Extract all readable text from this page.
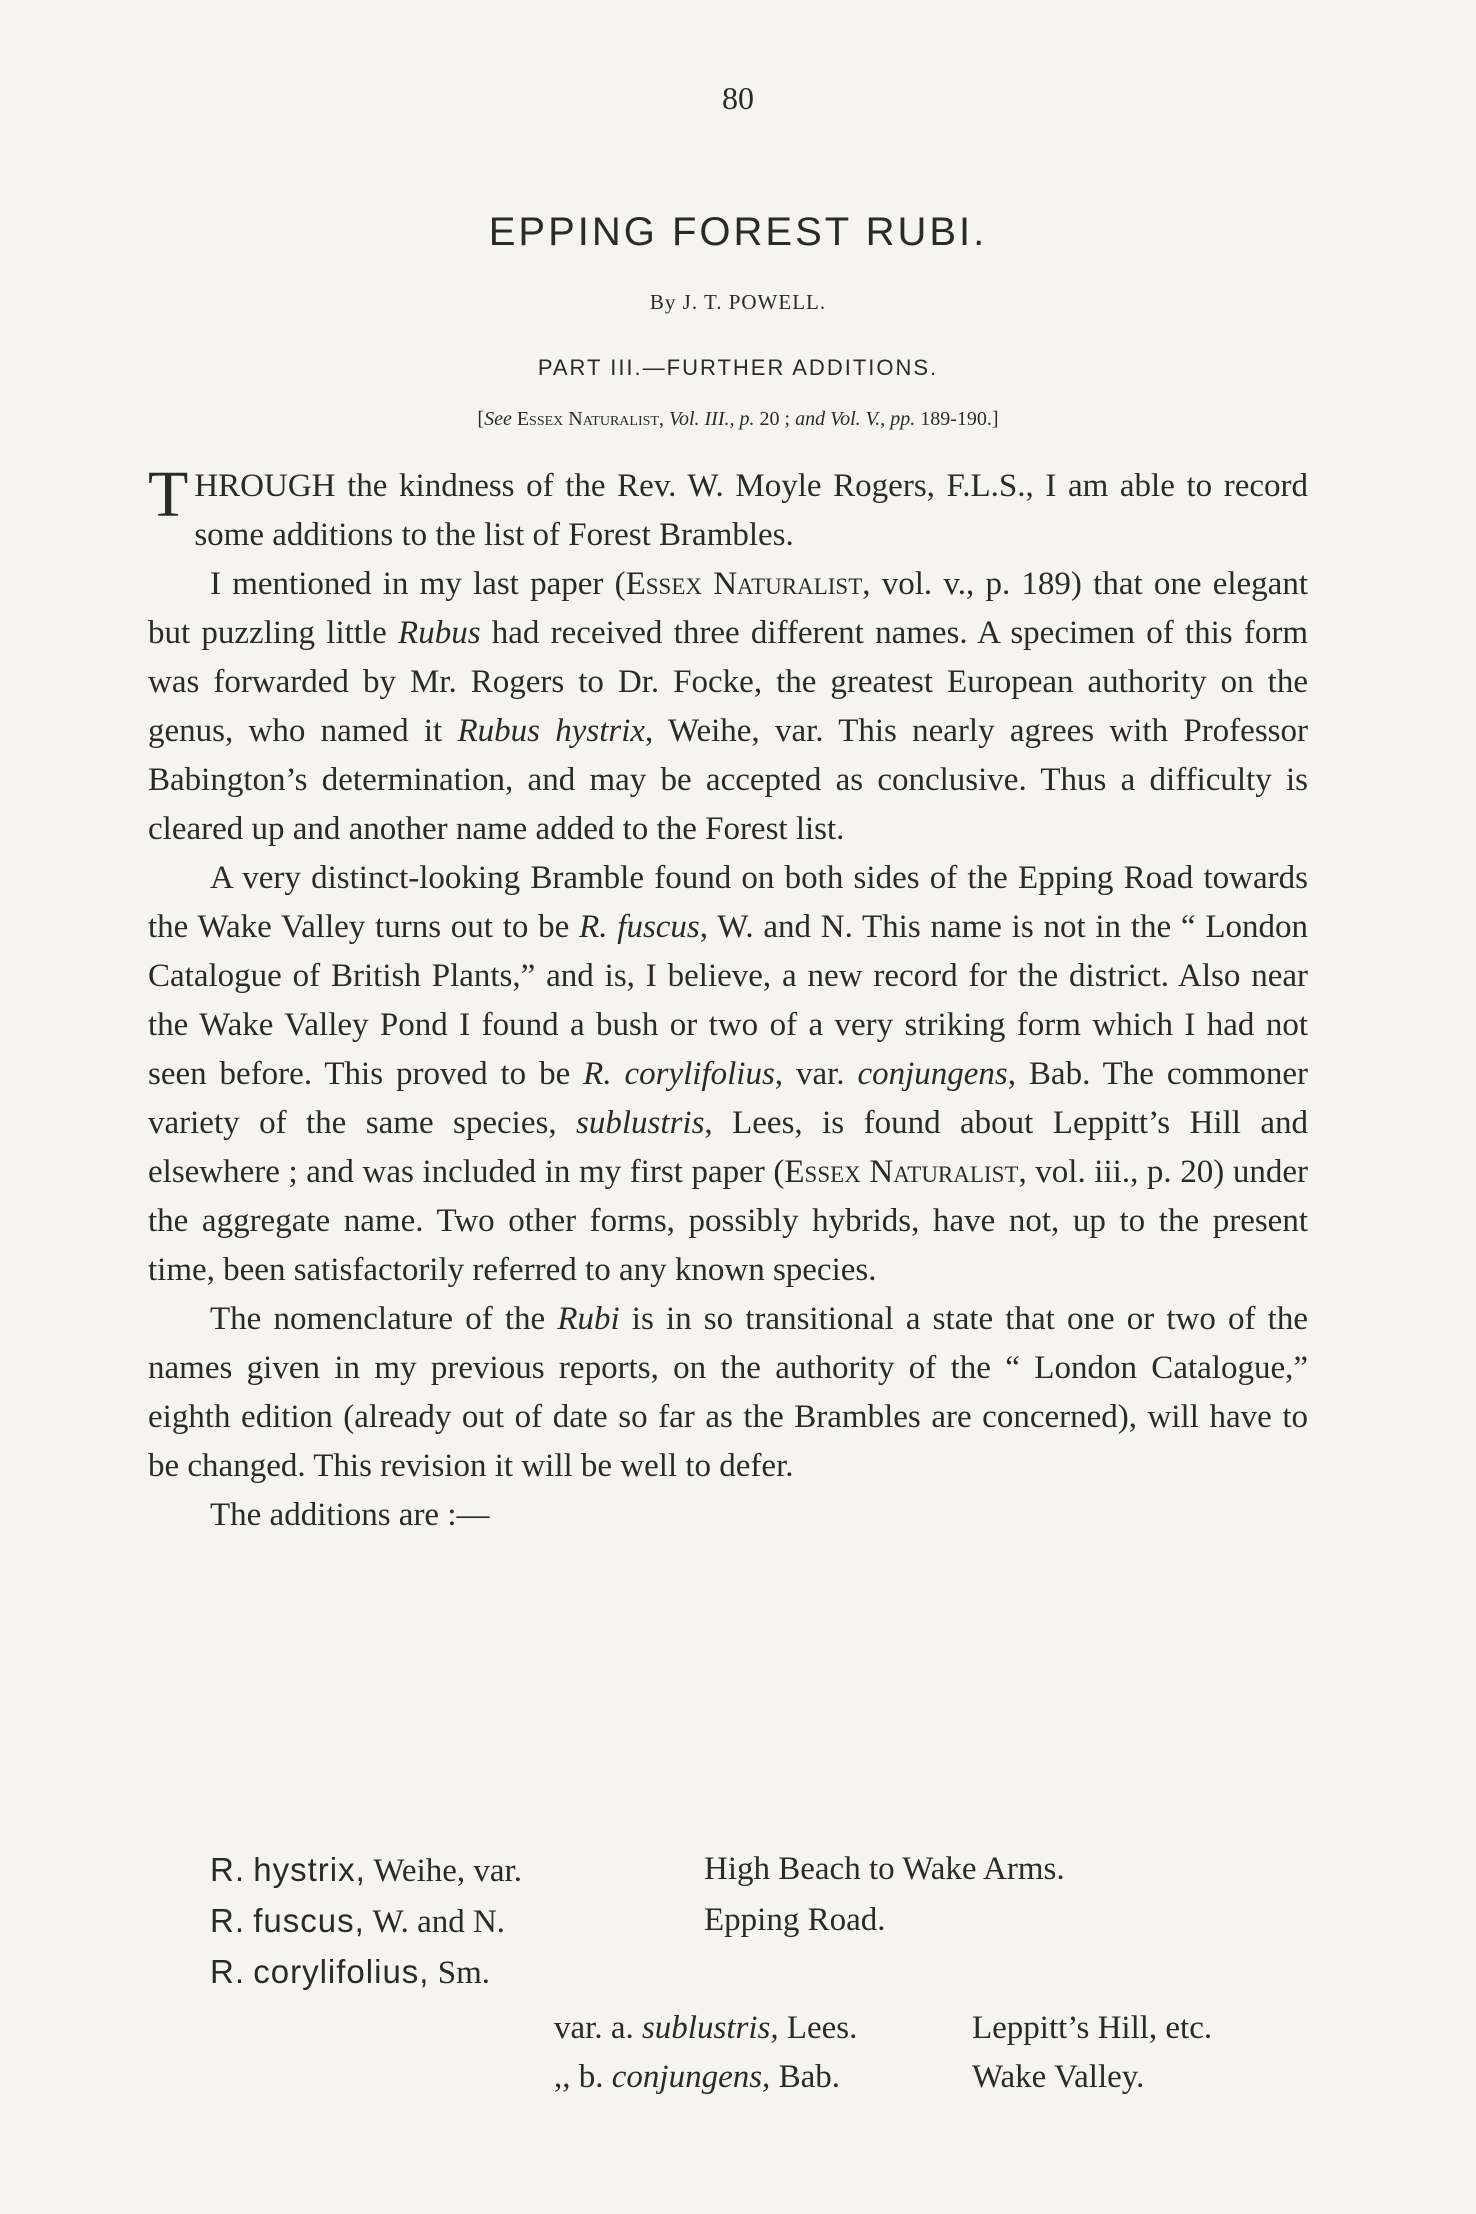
80
EPPING FOREST RUBI.
By J. T. POWELL.
PART III.—FURTHER ADDITIONS.
[See Essex Naturalist, Vol. III., p. 20 ; and Vol. V., pp. 189-190.]

THROUGH the kindness of the Rev. W. Moyle Rogers, F.L.S., I am able to record some additions to the list of Forest Brambles.

I mentioned in my last paper (Essex Naturalist, vol. v., p. 189) that one elegant but puzzling little Rubus had received three different names. A specimen of this form was forwarded by Mr. Rogers to Dr. Focke, the greatest European authority on the genus, who named it Rubus hystrix, Weihe, var. This nearly agrees with Professor Babington’s determination, and may be accepted as conclusive. Thus a difficulty is cleared up and another name added to the Forest list.

A very distinct-looking Bramble found on both sides of the Epping Road towards the Wake Valley turns out to be R. fuscus, W. and N. This name is not in the “ London Catalogue of British Plants,” and is, I believe, a new record for the district. Also near the Wake Valley Pond I found a bush or two of a very striking form which I had not seen before. This proved to be R. corylifolius, var. conjungens, Bab. The commoner variety of the same species, sublustris, Lees, is found about Leppitt’s Hill and elsewhere ; and was included in my first paper (Essex Naturalist, vol. iii., p. 20) under the aggregate name. Two other forms, possibly hybrids, have not, up to the present time, been satisfactorily referred to any known species.

The nomenclature of the Rubi is in so transitional a state that one or two of the names given in my previous reports, on the authority of the “ London Catalogue,” eighth edition (already out of date so far as the Brambles are concerned), will have to be changed. This revision it will be well to defer.

The additions are :—

R. hystrix, Weihe, var.	High Beach to Wake Arms.
R. fuscus, W. and N.	Epping Road.
R. corylifolius, Sm.
var. a. sublustris, Lees.	Leppitt’s Hill, etc.
,, b. conjungens, Bab.	Wake Valley.
